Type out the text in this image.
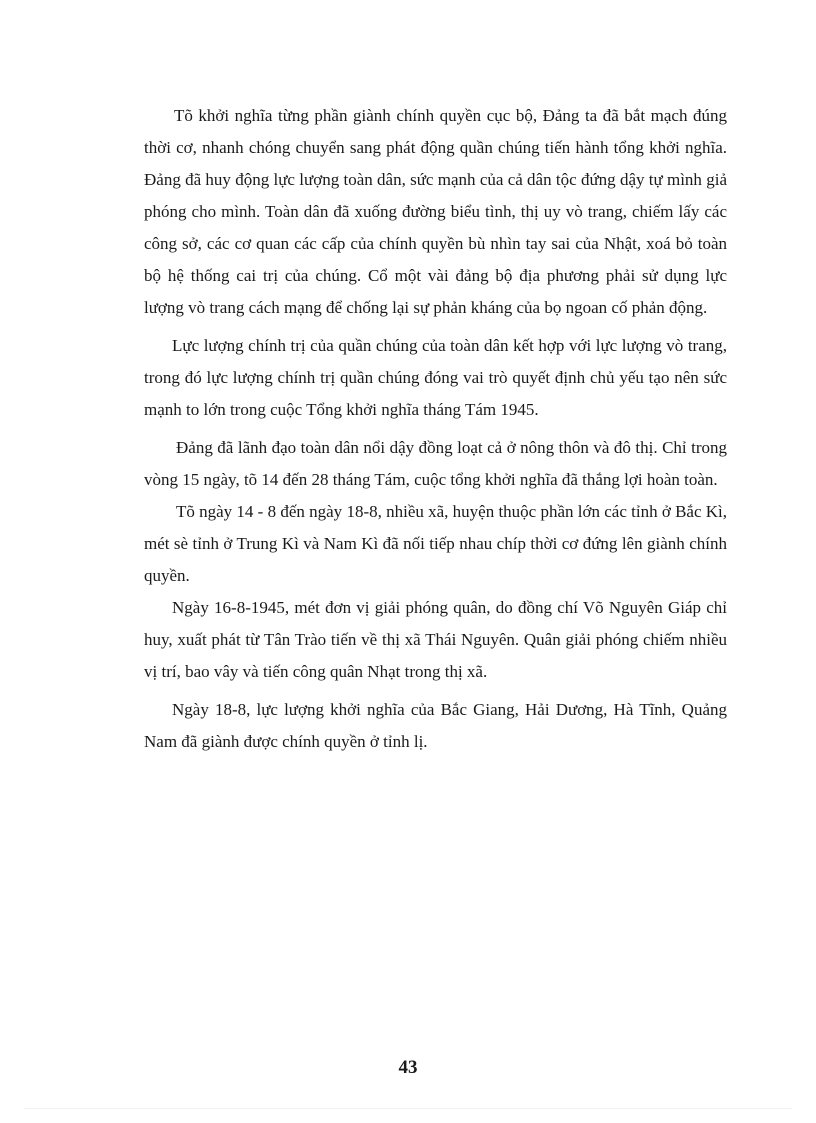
Tõ khởi nghĩa từng phần giành chính quyền cục bộ, Đảng ta đã bắt mạch đúng thời cơ, nhanh chóng chuyển sang phát động quần chúng tiến hành tổng khởi nghĩa. Đảng đã huy động lực lượng toàn dân, sức mạnh của cả dân tộc đứng dậy tự mình giả phóng cho mình. Toàn dân đã xuống đường biểu tình, thị uy vò trang, chiếm lấy các công sở, các cơ quan các cấp của chính quyền bù nhìn tay sai của Nhật, xoá bỏ toàn bộ hệ thống cai trị của chúng. Cổ một vài đảng bộ địa phương phải sử dụng lực lượng vò trang cách mạng để chống lại sự phản kháng của bọ ngoan cố phản động.

Lực lượng chính trị của quần chúng của toàn dân kết hợp với lực lượng vò trang, trong đó lực lượng chính trị quần chúng đóng vai trò quyết định chủ yếu tạo nên sức mạnh to lớn trong cuộc Tổng khởi nghĩa tháng Tám 1945.

Đảng đã lãnh đạo toàn dân nổi dậy đồng loạt cả ở nông thôn và đô thị. Chỉ trong vòng 15 ngày, tõ 14 đến 28 tháng Tám, cuộc tổng khởi nghĩa đã thắng lợi hoàn toàn.

Tõ ngày 14 - 8 đến ngày 18-8, nhiều xã, huyện thuộc phần lớn các tỉnh ở Bắc Kì, mét sè tỉnh ở Trung Kì và Nam Kì đã nối tiếp nhau chíp thời cơ đứng lên giành chính quyền.

Ngày 16-8-1945, mét đơn vị giải phóng quân, do đồng chí Võ Nguyên Giáp chỉ huy, xuất phát từ Tân Trào tiến về thị xã Thái Nguyên. Quân giải phóng chiếm nhiều vị trí, bao vây và tiến công quân Nhạt trong thị xã.

Ngày 18-8, lực lượng khởi nghĩa của Bắc Giang, Hải Dương, Hà Tĩnh, Quảng Nam đã giành được chính quyền ở tỉnh lị.

43
